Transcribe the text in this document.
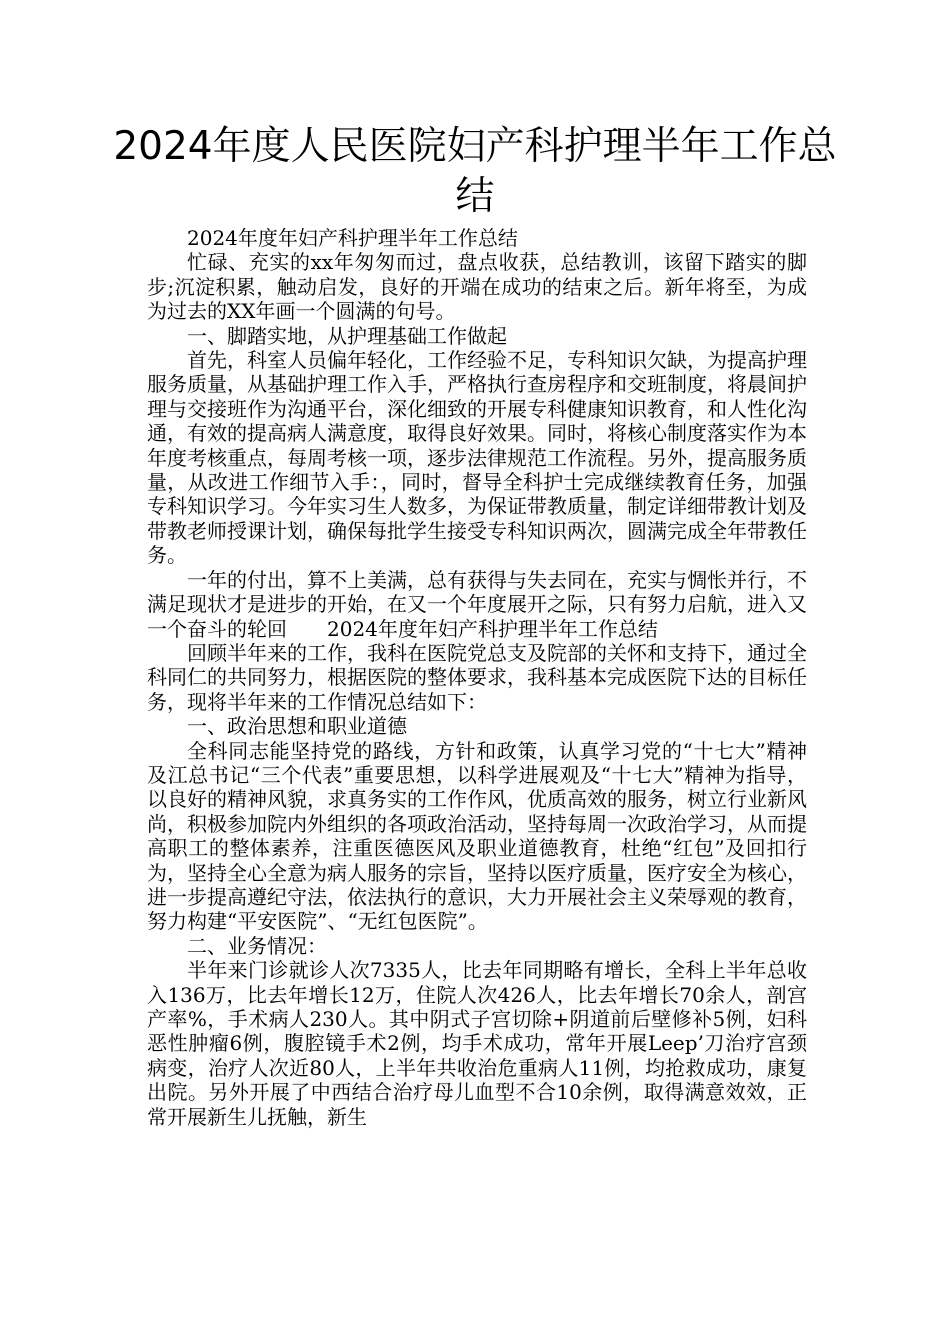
2024年度人民医院妇产科护理半年工作总结

2024年度年妇产科护理半年工作总结

忙碌、充实的xx年匆匆而过，盘点收获，总结教训，该留下踏实的脚步;沉淀积累，触动启发，良好的开端在成功的结束之后。新年将至，为成为过去的XX年画一个圆满的句号。

一、脚踏实地，从护理基础工作做起

首先，科室人员偏年轻化，工作经验不足，专科知识欠缺，为提高护理服务质量，从基础护理工作入手，严格执行查房程序和交班制度，将晨间护理与交接班作为沟通平台，深化细致的开展专科健康知识教育，和人性化沟通，有效的提高病人满意度，取得良好效果。同时，将核心制度落实作为本年度考核重点，每周考核一项，逐步法律规范工作流程。另外，提高服务质量，从改进工作细节入手：，同时，督导全科护士完成继续教育任务，加强专科知识学习。今年实习生人数多，为保证带教质量，制定详细带教计划及带教老师授课计划，确保每批学生接受专科知识两次，圆满完成全年带教任务。

一年的付出，算不上美满，总有获得与失去同在，充实与惆怅并行，不满足现状才是进步的开始，在又一个年度展开之际，只有努力启航，进入又一个奋斗的轮回　　2024年度年妇产科护理半年工作总结

回顾半年来的工作，我科在医院党总支及院部的关怀和支持下，通过全科同仁的共同努力，根据医院的整体要求，我科基本完成医院下达的目标任务，现将半年来的工作情况总结如下：

一、政治思想和职业道德

全科同志能坚持党的路线，方针和政策，认真学习党的“十七大”精神及江总书记“三个代表”重要思想，以科学进展观及“十七大”精神为指导，以良好的精神风貌，求真务实的工作作风，优质高效的服务，树立行业新风尚，积极参加院内外组织的各项政治活动，坚持每周一次政治学习，从而提高职工的整体素养，注重医德医风及职业道德教育，杜绝“红包”及回扣行为，坚持全心全意为病人服务的宗旨，坚持以医疗质量，医疗安全为核心，进一步提高遵纪守法，依法执行的意识，大力开展社会主义荣辱观的教育，努力构建“平安医院”、“无红包医院”。

二、业务情况：

半年来门诊就诊人次7335人，比去年同期略有增长，全科上半年总收入136万，比去年增长12万，住院人次426人，比去年增长70余人，剖宫产率%，手术病人230人。其中阴式子宫切除+阴道前后壁修补5例，妇科恶性肿瘤6例，腹腔镜手术2例，均手术成功，常年开展Leep’刀治疗宫颈病变，治疗人次近80人，上半年共收治危重病人11例，均抢救成功，康复出院。另外开展了中西结合治疗母儿血型不合10余例，取得满意效效，正常开展新生儿抚触，新生
